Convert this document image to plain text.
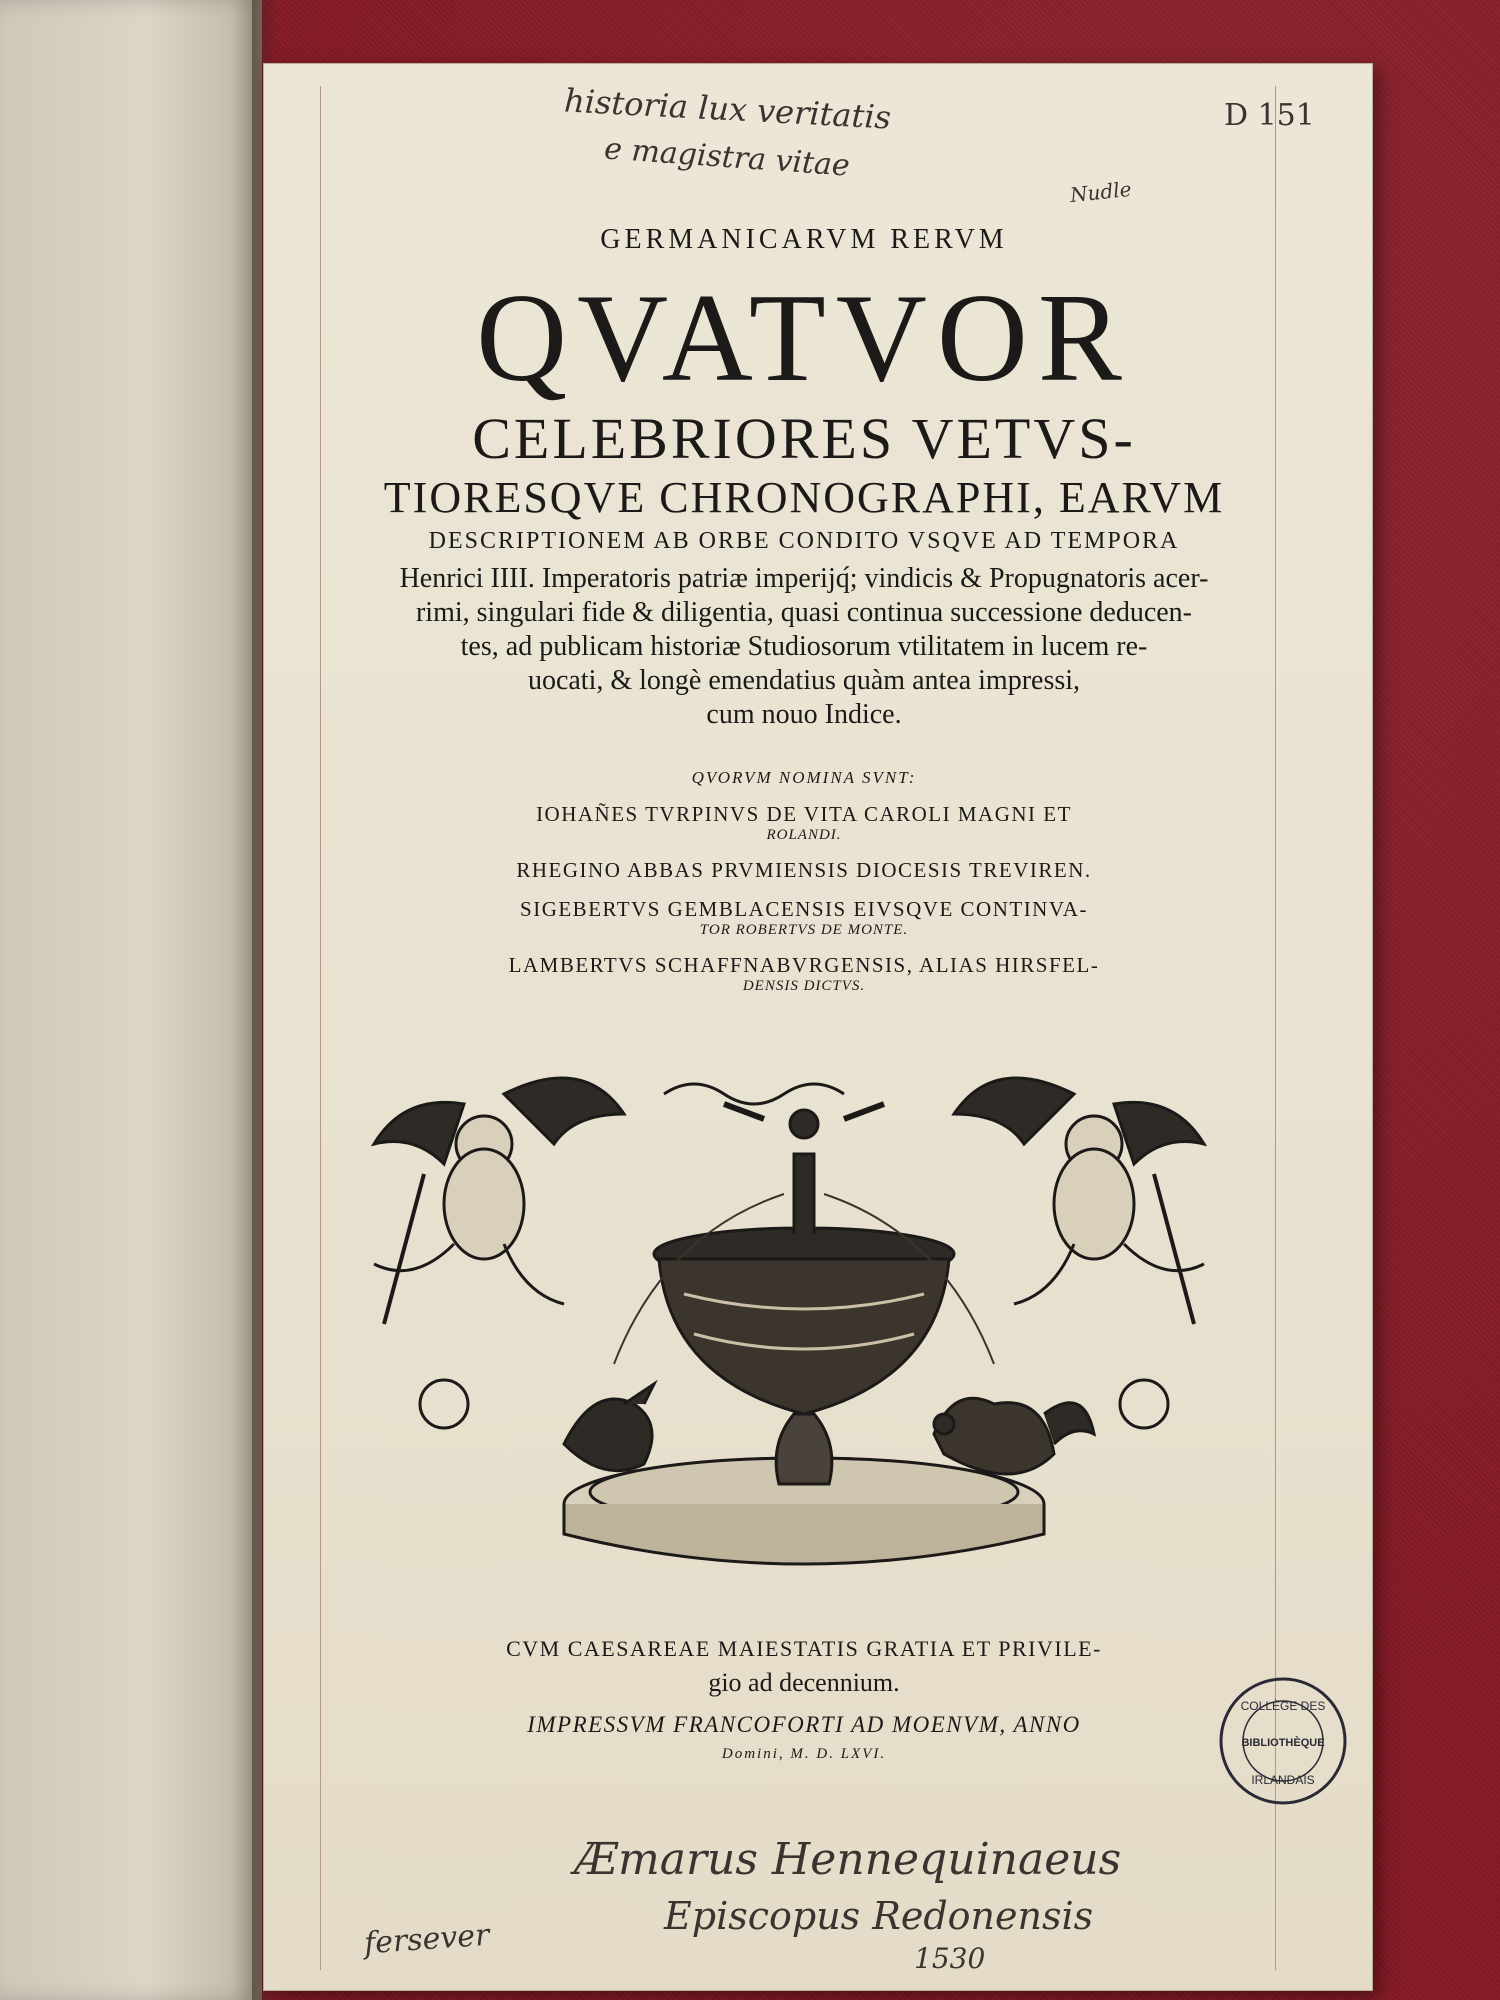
historia lux veritatis
e magistra vitae
D 151
Nudle
GERMANICARVM RERVM
QVATVOR
CELEBRIORES VETVS-
TIORESQVE CHRONOGRAPHI, EARVM
DESCRIPTIONEM AB ORBE CONDITO VSQVE AD TEMPORA
Henrici IIII. Imperatoris patriæ imperijq́; vindicis & Propugnatoris acer-
rimi, singulari fide & diligentia, quasi continua successione deducen-
tes, ad publicam historiæ Studiosorum vtilitatem in lucem re-
uocati, & longè emendatius quàm antea impressi,
cum nouo Indice.
QVORVM NOMINA SVNT:
IOHAÑES TVRPINVS DE VITA CAROLI MAGNI ET
ROLANDI.
RHEGINO ABBAS PRVMIENSIS DIOCESIS TREVIREN.
SIGEBERTVS GEMBLACENSIS EIVSQVE CONTINVA-
TOR ROBERTVS DE MONTE.
LAMBERTVS SCHAFFNABVRGENSIS, ALIAS HIRSFEL-
DENSIS DICTVS.
CVM CAESAREAE MAIESTATIS GRATIA ET PRIVILE-
gio ad decennium.
IMPRESSVM FRANCOFORTI AD MOENVM, ANNO
Domini, M. D. LXVI.
COLLÈGE DES
BIBLIOTHÈQUE
IRLANDAIS
Æmarus Hennequinaeus
Episcopus Redonensis
1530
fersever
